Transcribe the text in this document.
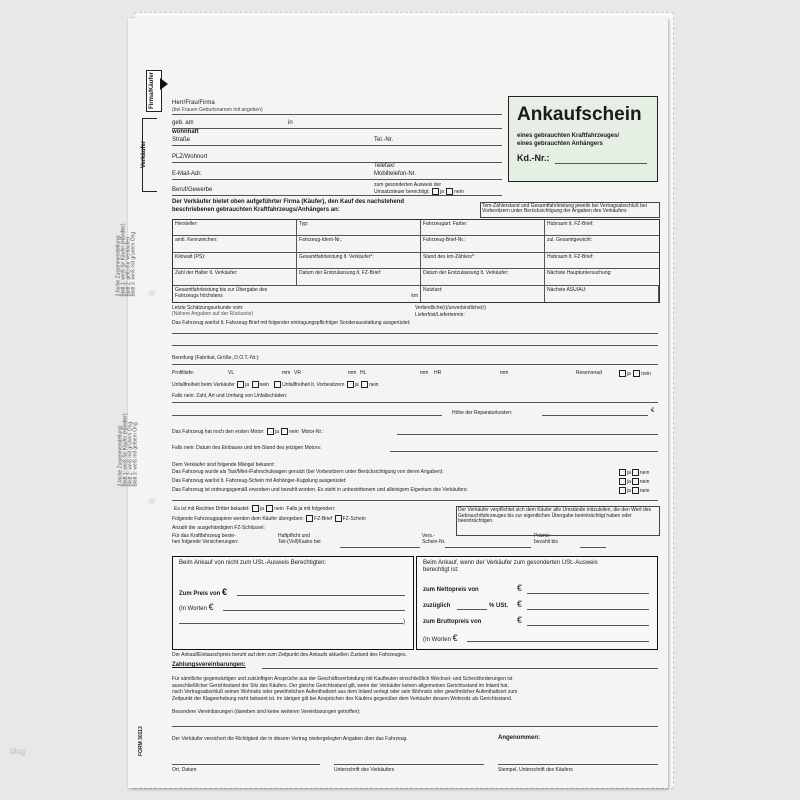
blog
Firma/Käufer
Verkäufer
2-fache Zusammenstellung: Blatt 1: weiß für Käufer (Händler) Blatt 2: gelb (für Verkäufer) Blatt 3: weiß mit grünem Orig.
2-fache Zusammenstellung: Blatt 1: weiß für Käufer (Händler) Blatt 2: weiß mit grünem Orig. Blatt 3: weiß mit gelbem Orig.
Herr/Frau/Firma
(bei Frauen Geburtsnamen mit angeben)
geb. am	in
wohnhaft
Straße	Tel.-Nr.
PLZ/Wohnort
Telefax/
E-Mail-Adr.	Mobiltelefon-Nr.
Beruf/Gewerbe
zum gesonderten Ausweis der
Umsatzsteuer berechtigt: ja nein
Ankaufschein
eines gebrauchten Kraftfahrzeuges/
eines gebrauchten Anhängers
Kd.-Nr.:
Der Verkäufer bietet oben aufgeführter Firma (Käufer), den Kauf des nachstehend
beschriebenen gebrauchten Kraftfahrzeugs/Anhängers an:
Tem-Zählerstand und Gesamtfahrleistung jeweils bei Vertragsabschluß bei Vorbesitzern unter Berücksichtigung der Angaben des Verkäufers
Hersteller:	Typ:	Fahrzeugart: Farbe:	Hubraum lt. FZ-Brief:
amtl. Kennzeichen:	Fahrzeug-Ident-Nr.:	Fahrzeug-Brief-Nr.:	zul. Gesamtgewicht:
Kilowatt (PS):	Gesamtfahrleistung lt. Verkäufer*:	Stand des km-Zählers*:	Hubraum lt. FZ-Brief:
Zahl der Halter lt. Verkäufer:	Datum der Erstzulassung lt. FZ-Brief:	Datum der Erstzulassung lt. Verkäufer:	Nächste Hauptuntersuchung:
Gesamtfahrleistung bis zur Übergabe des
Fahrzeugs höchstens	km
Nutzlast:	Nächste ASU/AU:
Letzte Schätzungsurkunde vom:
(Nähere Angaben auf der Rückseite)
Verbindliche(r)/unverbindliche(r)
Lieferfrist/Liefertermin:
Das Fahrzeug war/ist lt. Fahrzeug-Brief mit folgender eintragungspflichtiger Sonderausstattung ausgerüstet:
Bereifung (Fabrikat, Größe, D.O.T.-Nr.):
Profiltiefe:	VL	mm VR	mm HL	mm HR	mm	Reserverad	ja nein
Unfallfreiheit beim Verkäufer ja nein	Unfallfreiheit lt. Vorbesitzern ja nein
Falls nein: Zahl, Art und Umfang von Unfallschäden:
Höhe der Reparaturkosten:	€
Das Fahrzeug hat noch den ersten Motor: ja nein Motor-Nr.:
Falls nein: Datum des Einbaues und km-Stand des jetzigen Motors:
Dem Verkäufer sind folgende Mängel bekannt:
Das Fahrzeug wurde als Taxi/Miet-/Fahrschulwagen genutzt (bei Vorbesitzern unter Berücksichtigung von deren Angaben):
Das Fahrzeug war/ist lt. Fahrzeug-Schein mit Anhänger-Kupplung ausgerüstet:
Das Fahrzeug ist ordnungsgemäß erworben und bezahlt worden. Es steht in unbestrittenem und alleinigem Eigentum des Verkäufers:
ja nein
ja nein
ja nein
Es ist mit Rechten Dritter belastet: ja nein Falls ja mit folgenden:
Folgende Fahrzeugpapiere werden dem Käufer übergeben: FZ-Brief FZ-Schein
Anzahl der ausgehändigten FZ-Schlüssel:
Für das Kraftfahrzeug beste-
hen folgende Versicherungen:
Haftpflicht und
Teil-(Voll)Kasko bei
Vers.-
Schein-Nr.
Prämie
bezahlt bis
Der Verkäufer verpflichtet sich dem Käufer alle Umstände mitzuteilen, die den Wert des Gebrauchtfahrzeuges bis zur eigentlichen Übergabe beeinträchtigt haben oder beeinträchtigen.
Beim Ankauf von nicht zum USt.-Ausweis Berechtigten:
Zum Preis von €
(In Worten €
)
Beim Ankauf, wenn der Verkäufer zum gesonderten USt.-Ausweis
berechtigt ist:
zum Nettopreis von	€
zuzüglich	% USt. €
zum Bruttopreis von	€
(In Worten €
Der Ankauf/Eintauschpreis beruht auf dem zum Zeitpunkt des Ankaufs aktuellen Zustand des Fahrzeuges.
Zahlungsvereinbarungen:
Für sämtliche gegenwärtigen und zukünftigen Ansprüche aus der Geschäftsverbindung mit Kaufleuten einschließlich Wechsel- und Scheckforderungen ist
ausschließlicher Gerichtsstand der Sitz des Käufers. Der gleiche Gerichtsstand gilt, wenn der Verkäufer keinen allgemeinen Gerichtsstand im Inland hat,
nach Vertragsabschluß seinen Wohnsitz oder gewöhnlichen Aufenthaltsort aus dem Inland verlegt oder sein Wohnsitz oder gewöhnlicher Aufenthaltsort zum
Zeitpunkt der Klageerhebung nicht bekannt ist. Im übrigen gilt bei Ansprüchen des Käufers gegenüber dem Verkäufer dessen Wohnsitz als Gerichtsstand.
Besondere Vereinbarungen (daneben sind keine weiteren Vereinbarungen getroffen):
Der Verkäufer versichert die Richtigkeit der in diesem Vertrag niedergelegten Angaben über das Fahrzeug.	Angenommen:
Ort, Datum	Unterschrift des Verkäufers	Stempel, Unterschrift des Käufers
FORM 30113
